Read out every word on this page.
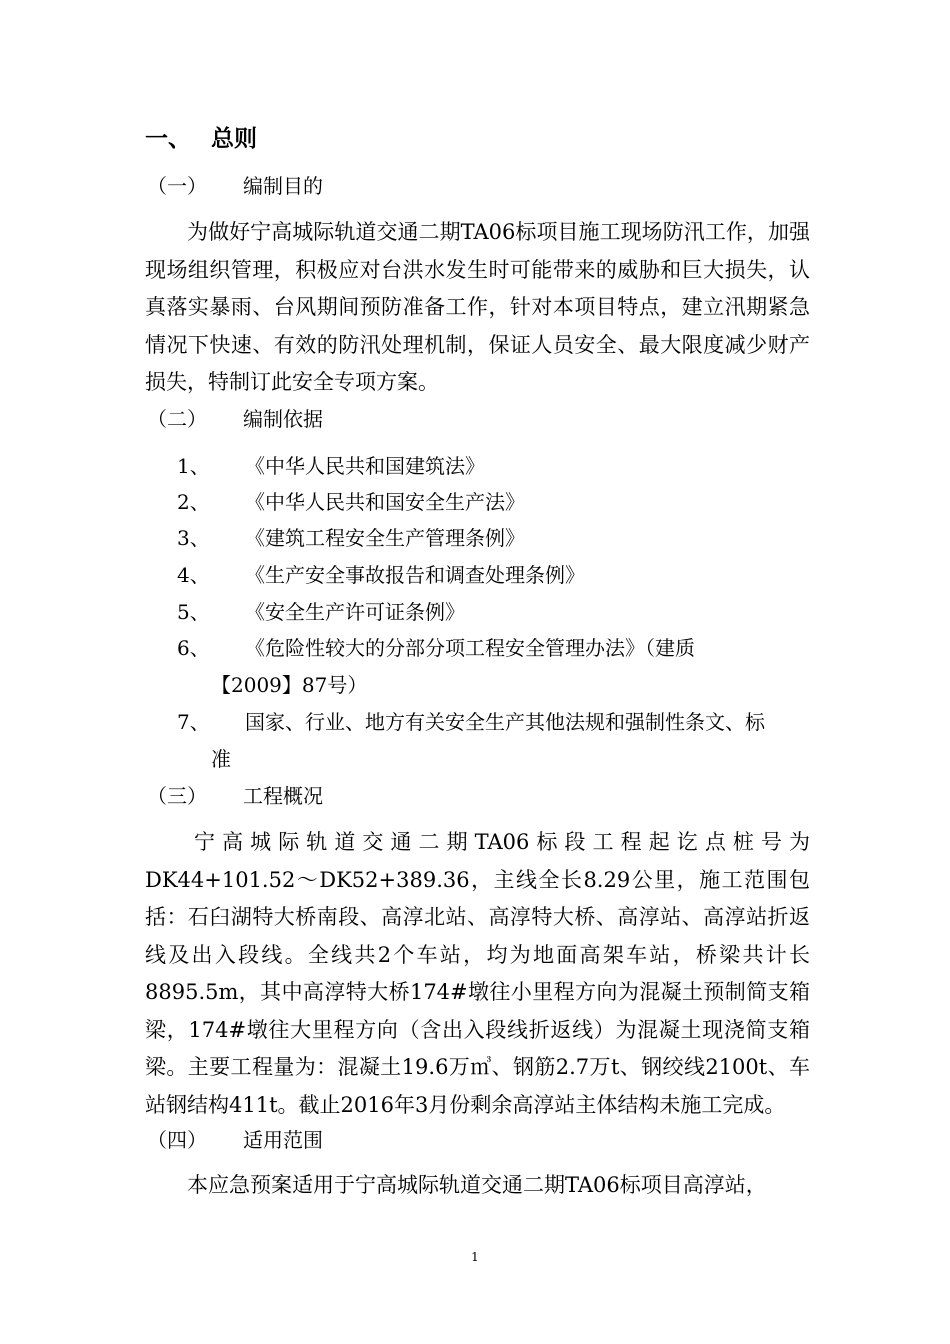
一、 总则
（一） 编制目的
为做好宁高城际轨道交通二期TA06标项目施工现场防汛工作，加强现场组织管理，积极应对台洪水发生时可能带来的威胁和巨大损失，认真落实暴雨、台风期间预防准备工作，针对本项目特点，建立汛期紧急情况下快速、有效的防汛处理机制，保证人员安全、最大限度减少财产损失，特制订此安全专项方案。
（二） 编制依据
1、 《中华人民共和国建筑法》
2、 《中华人民共和国安全生产法》
3、 《建筑工程安全生产管理条例》
4、 《生产安全事故报告和调查处理条例》
5、 《安全生产许可证条例》
6、 《危险性较大的分部分项工程安全管理办法》（建质
【2009】87号）
7、 国家、行业、地方有关安全生产其他法规和强制性条文、标
准
（三） 工程概况
宁高城际轨道交通二期TA06标段工程起讫点桩号为DK44+101.52～DK52+389.36，主线全长8.29公里，施工范围包括：石臼湖特大桥南段、高淳北站、高淳特大桥、高淳站、高淳站折返线及出入段线。全线共2个车站，均为地面高架车站，桥梁共计长8895.5m，其中高淳特大桥174#墩往小里程方向为混凝土预制简支箱梁，174#墩往大里程方向（含出入段线折返线）为混凝土现浇简支箱梁。主要工程量为：混凝土19.6万㎥、钢筋2.7万t、钢绞线2100t、车站钢结构411t。截止2016年3月份剩余高淳站主体结构未施工完成。
（四） 适用范围
本应急预案适用于宁高城际轨道交通二期TA06标项目高淳站，
1
